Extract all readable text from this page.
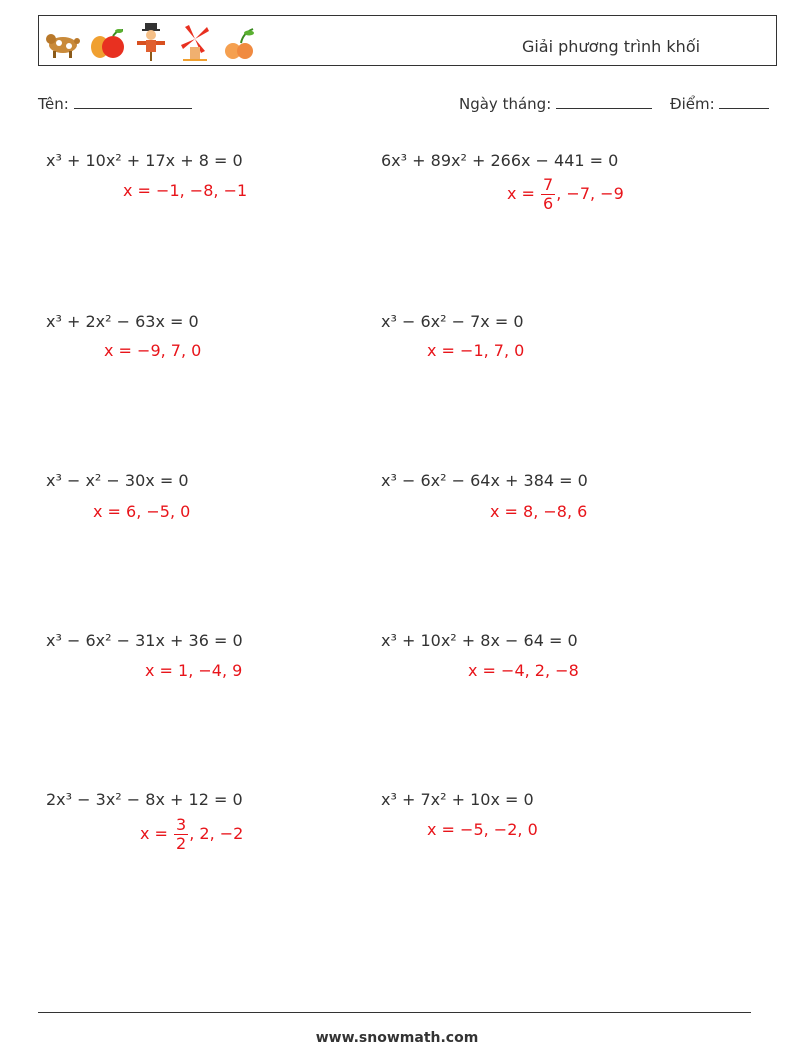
Giải phương trình khối
Tên:	Ngày tháng:	Điểm:
x³ + 10x² + 17x + 8 = 0
x = −1, −8, −1
6x³ + 89x² + 266x − 441 = 0
$x = \frac{7}{6}$ , −7, −9
x³ + 2x² − 63x = 0
x = −9, 7, 0
x³ − 6x² − 7x = 0
x = −1, 7, 0
x³ − x² − 30x = 0
x = 6, −5, 0
x³ − 6x² − 64x + 384 = 0
x = 8, −8, 6
x³ − 6x² − 31x + 36 = 0
x = 1, −4, 9
x³ + 10x² + 8x − 64 = 0
x = −4, 2, −8
2x³ − 3x² − 8x + 12 = 0
$x = \frac{3}{2}$ , 2, −2
x³ + 7x² + 10x = 0
x = −5, −2, 0
www.snowmath.com
